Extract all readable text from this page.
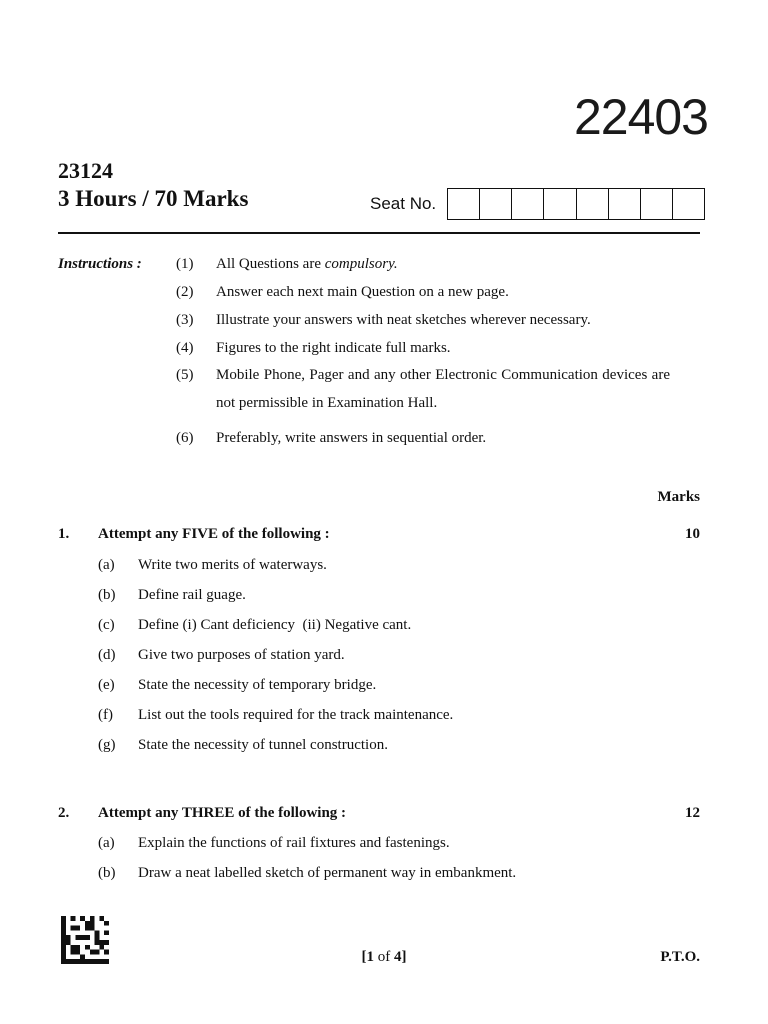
22403
23124
3 Hours / 70 Marks	Seat No.
Instructions : (1)	All Questions are compulsory.
(2)	Answer each next main Question on a new page.
(3)	Illustrate your answers with neat sketches wherever necessary.
(4)	Figures to the right indicate full marks.
(5)	Mobile Phone, Pager and any other Electronic Communication devices are not permissible in Examination Hall.
(6)	Preferably, write answers in sequential order.
Marks
1. Attempt any FIVE of the following :	10
(a) Write two merits of waterways.
(b) Define rail guage.
(c) Define (i) Cant deficiency  (ii) Negative cant.
(d) Give two purposes of station yard.
(e) State the necessity of temporary bridge.
(f) List out the tools required for the track maintenance.
(g) State the necessity of tunnel construction.
2. Attempt any THREE of the following :	12
(a) Explain the functions of rail fixtures and fastenings.
(b) Draw a neat labelled sketch of permanent way in embankment.
[1 of 4]	P.T.O.
